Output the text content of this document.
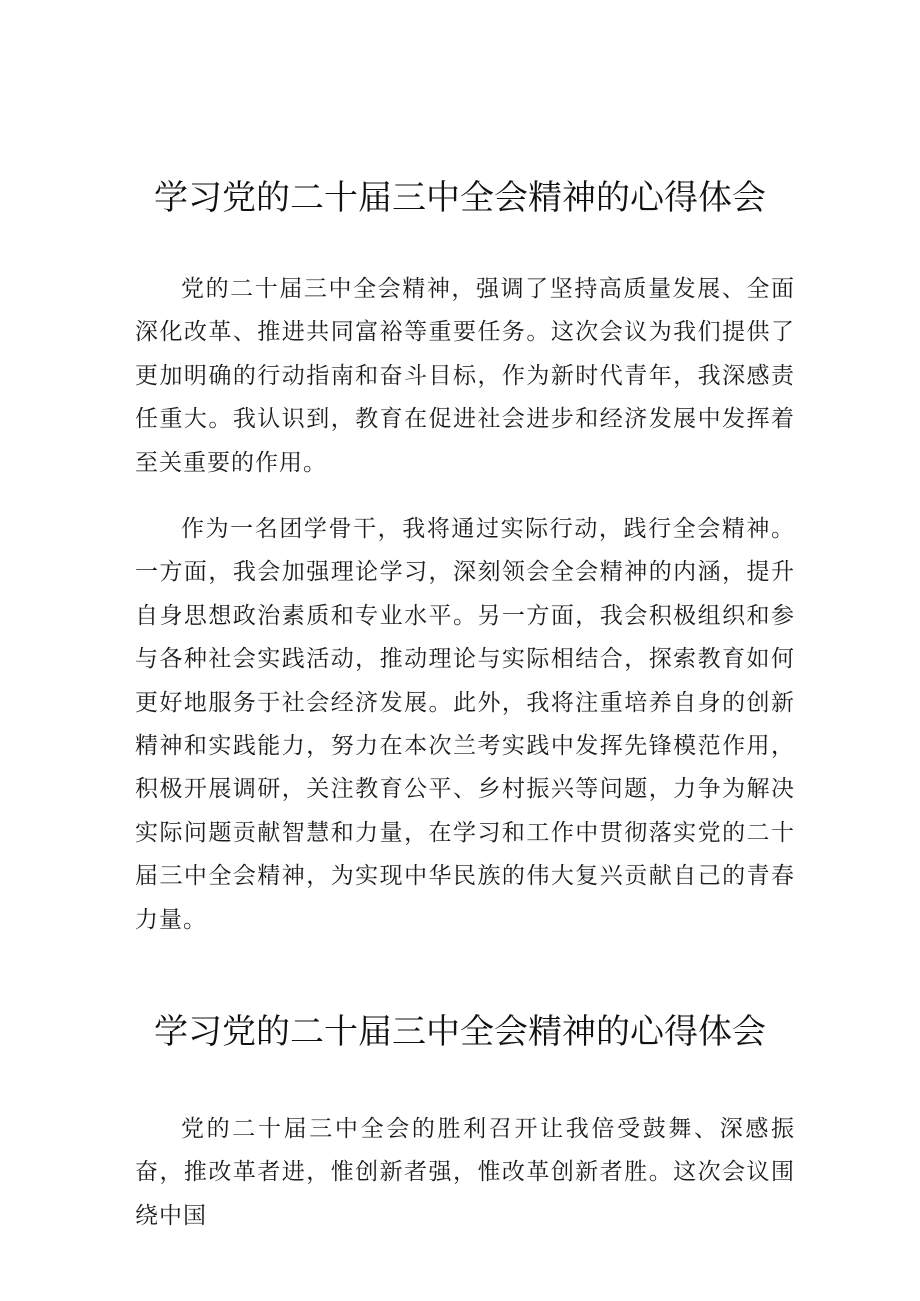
学习党的二十届三中全会精神的心得体会

党的二十届三中全会精神，强调了坚持高质量发展、全面深化改革、推进共同富裕等重要任务。这次会议为我们提供了更加明确的行动指南和奋斗目标，作为新时代青年，我深感责任重大。我认识到，教育在促进社会进步和经济发展中发挥着至关重要的作用。

作为一名团学骨干，我将通过实际行动，践行全会精神。一方面，我会加强理论学习，深刻领会全会精神的内涵，提升自身思想政治素质和专业水平。另一方面，我会积极组织和参与各种社会实践活动，推动理论与实际相结合，探索教育如何更好地服务于社会经济发展。此外，我将注重培养自身的创新精神和实践能力，努力在本次兰考实践中发挥先锋模范作用，积极开展调研，关注教育公平、乡村振兴等问题，力争为解决实际问题贡献智慧和力量，在学习和工作中贯彻落实党的二十届三中全会精神，为实现中华民族的伟大复兴贡献自己的青春力量。

学习党的二十届三中全会精神的心得体会

党的二十届三中全会的胜利召开让我倍受鼓舞、深感振奋，推改革者进，惟创新者强，惟改革创新者胜。这次会议围绕中国
